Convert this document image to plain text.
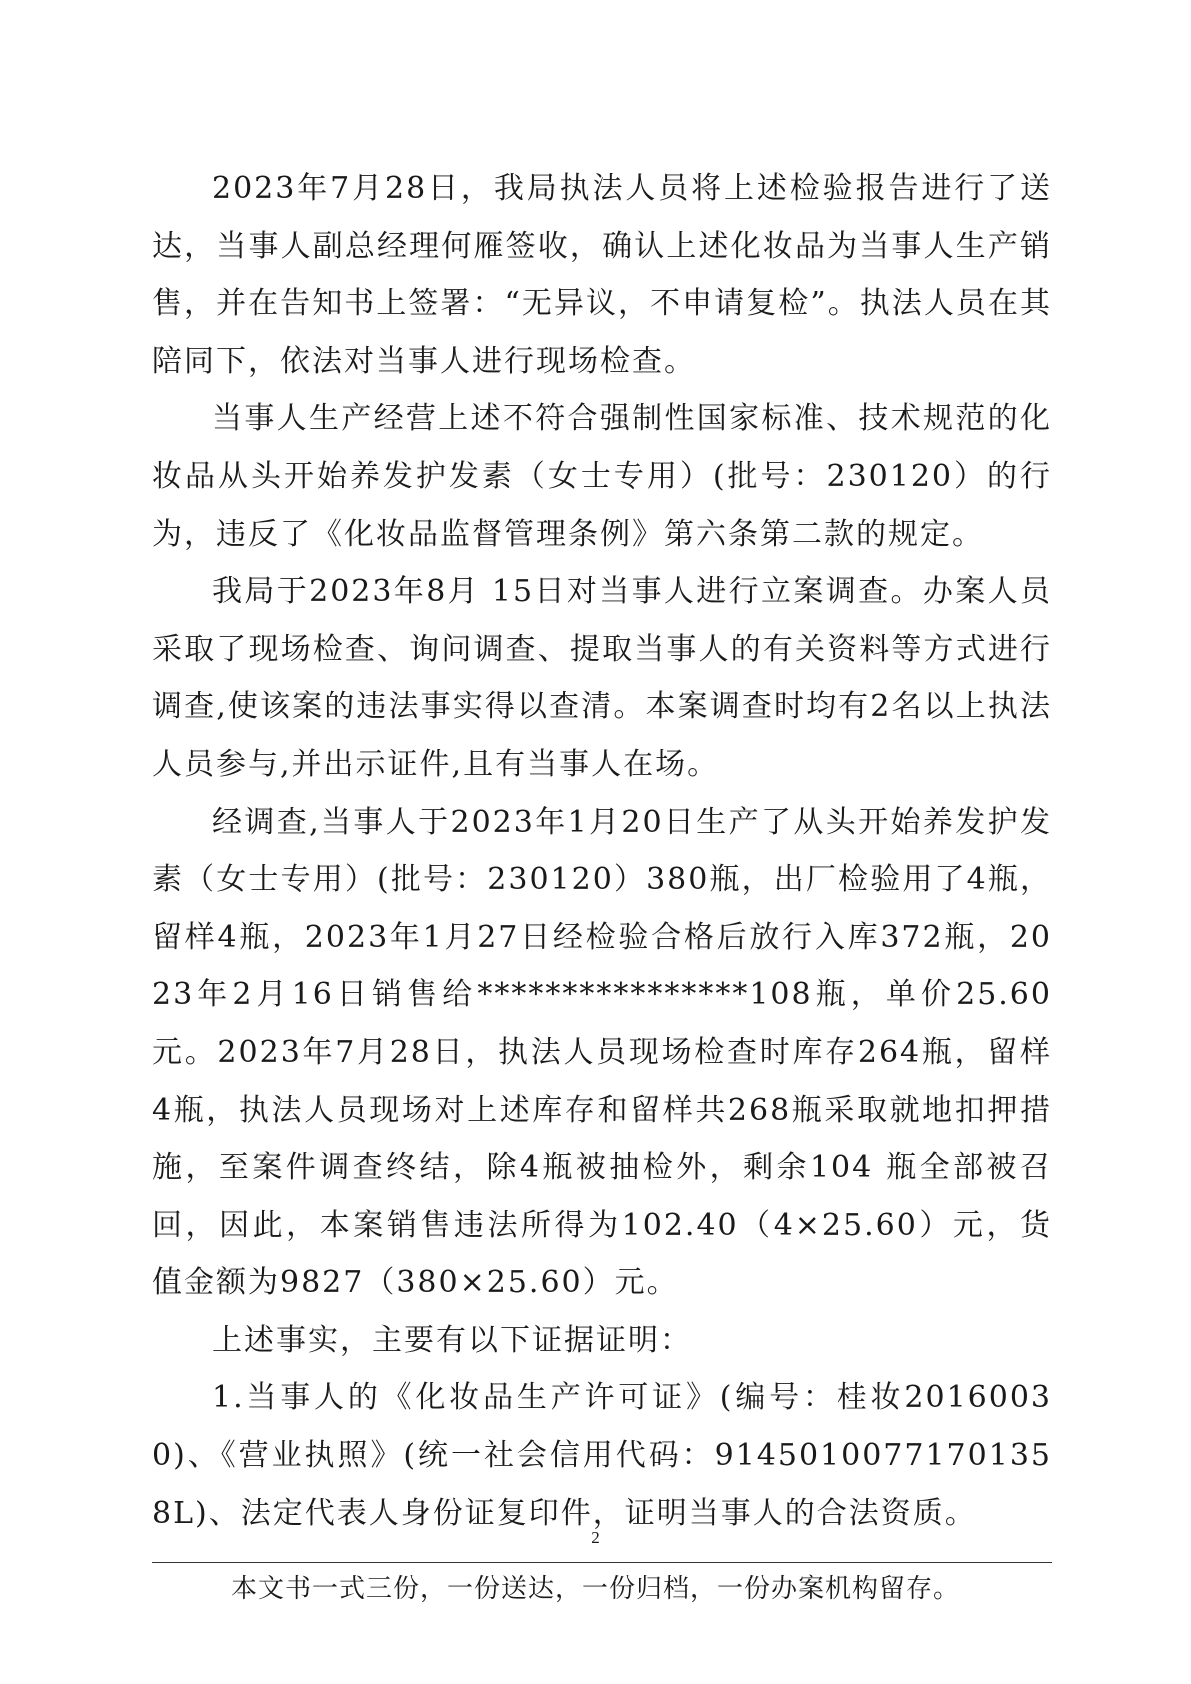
2023年7月28日，我局执法人员将上述检验报告进行了送达，当事人副总经理何雁签收，确认上述化妆品为当事人生产销售，并在告知书上签署：“无异议，不申请复检”。执法人员在其陪同下，依法对当事人进行现场检查。

当事人生产经营上述不符合强制性国家标准、技术规范的化妆品从头开始养发护发素（女士专用）(批号：230120）的行为，违反了《化妆品监督管理条例》第六条第二款的规定。

我局于2023年8月 15日对当事人进行立案调查。办案人员采取了现场检查、询问调查、提取当事人的有关资料等方式进行调查,使该案的违法事实得以查清。本案调查时均有2名以上执法人员参与,并出示证件,且有当事人在场。

经调查,当事人于2023年1月20日生产了从头开始养发护发素（女士专用）(批号：230120）380瓶，出厂检验用了4瓶，留样4瓶，2023年1月27日经检验合格后放行入库372瓶，2023年2月16日销售给****************108瓶，单价25.60元。2023年7月28日，执法人员现场检查时库存264瓶，留样4瓶，执法人员现场对上述库存和留样共268瓶采取就地扣押措施，至案件调查终结，除4瓶被抽检外，剩余104 瓶全部被召回，因此，本案销售违法所得为102.40（4×25.60）元，货值金额为9827（380×25.60）元。

上述事实，主要有以下证据证明：

1.当事人的《化妆品生产许可证》(编号：桂妆20160030)、《营业执照》(统一社会信用代码：91450100771701358L)、法定代表人身份证复印件，证明当事人的合法资质。

2
本文书一式三份，一份送达，一份归档，一份办案机构留存。
